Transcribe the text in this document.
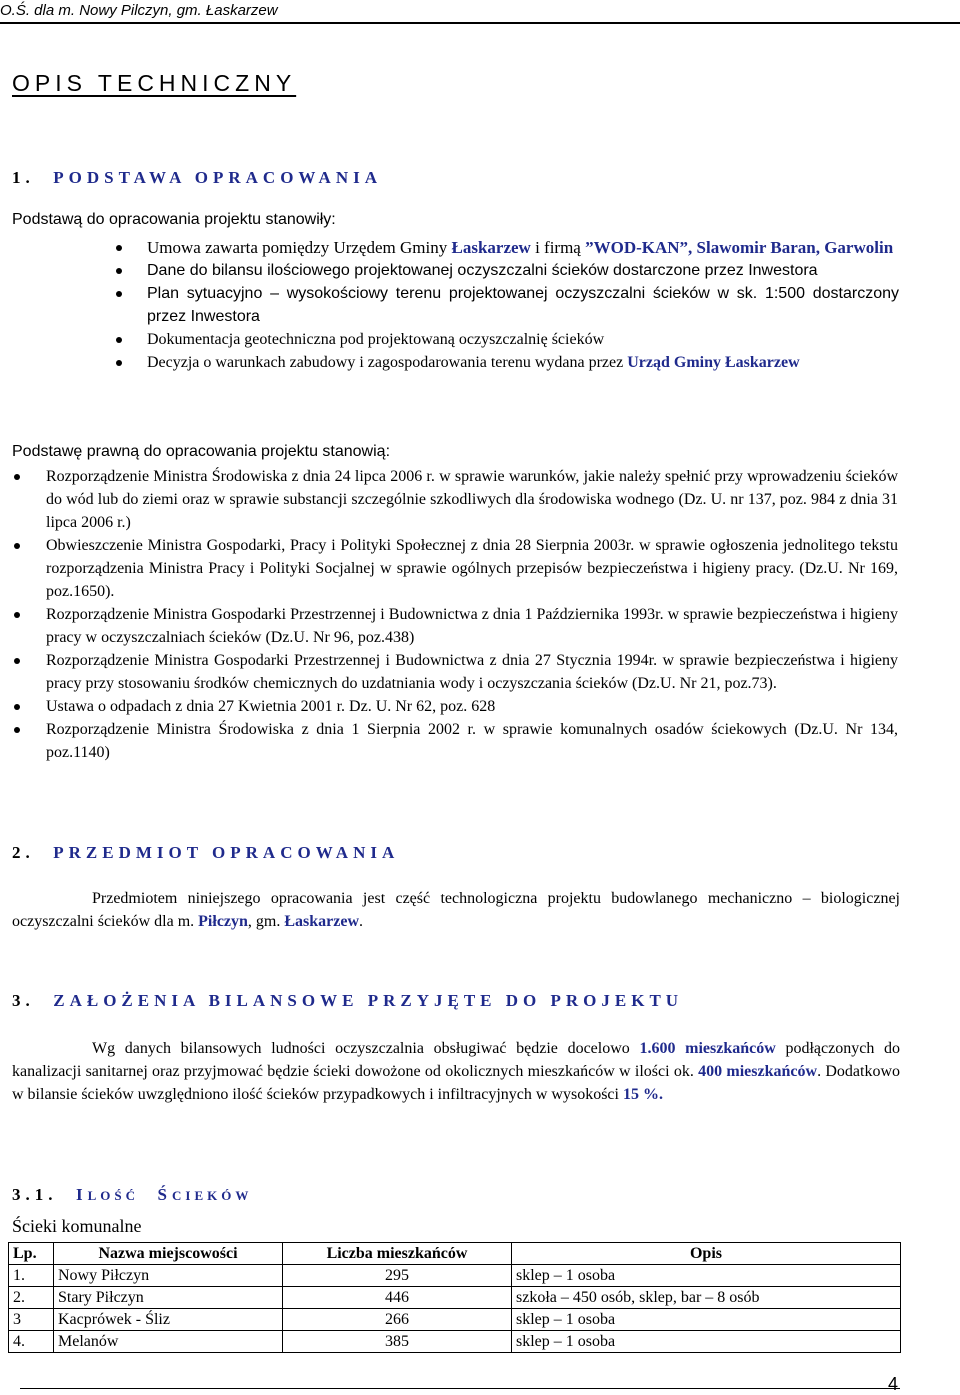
O.Ś. dla m. Nowy Pilczyn, gm. Łaskarzew
OPIS TECHNICZNY
1. PODSTAWA OPRACOWANIA
Podstawą do opracowania projektu stanowiły:
Umowa zawarta pomiędzy Urzędem Gminy Łaskarzew i firmą ”WOD-KAN”, Slawomir Baran, Garwolin
Dane do bilansu ilościowego projektowanej oczyszczalni ścieków dostarczone przez Inwestora
Plan sytuacyjno – wysokościowy terenu projektowanej oczyszczalni ścieków w sk. 1:500 dostarczony przez Inwestora
Dokumentacja geotechniczna pod projektowaną oczyszczalnię ścieków
Decyzja o warunkach zabudowy i zagospodarowania terenu wydana przez Urząd Gminy Łaskarzew
Podstawę prawną do opracowania projektu stanowią:
Rozporządzenie Ministra Środowiska z dnia 24 lipca 2006 r. w sprawie warunków, jakie należy spełnić przy wprowadzeniu ścieków do wód lub do ziemi oraz w sprawie substancji szczególnie szkodliwych dla środowiska wodnego (Dz. U. nr 137, poz. 984 z dnia 31 lipca 2006 r.)
Obwieszczenie Ministra Gospodarki, Pracy i Polityki Społecznej z dnia 28 Sierpnia 2003r. w sprawie ogłoszenia jednolitego tekstu rozporządzenia Ministra Pracy i Polityki Socjalnej w sprawie ogólnych przepisów bezpieczeństwa i higieny pracy. (Dz.U. Nr 169, poz.1650).
Rozporządzenie Ministra Gospodarki Przestrzennej i Budownictwa z dnia 1 Października 1993r. w sprawie bezpieczeństwa i higieny pracy w oczyszczalniach ścieków (Dz.U. Nr 96, poz.438)
Rozporządzenie Ministra Gospodarki Przestrzennej i Budownictwa z dnia 27 Stycznia 1994r. w sprawie bezpieczeństwa i higieny pracy przy stosowaniu środków chemicznych do uzdatniania wody i oczyszczania ścieków (Dz.U. Nr 21, poz.73).
Ustawa o odpadach z dnia 27 Kwietnia 2001 r. Dz. U. Nr 62, poz. 628
Rozporządzenie Ministra Środowiska z dnia 1 Sierpnia 2002 r. w sprawie komunalnych osadów ściekowych (Dz.U. Nr 134, poz.1140)
2. PRZEDMIOT OPRACOWANIA
Przedmiotem niniejszego opracowania jest część technologiczna projektu budowlanego mechaniczno – biologicznej oczyszczalni ścieków dla m. Piłczyn, gm. Łaskarzew.
3. ZAŁOŻENIA BILANSOWE PRZYJĘTE DO PROJEKTU
Wg danych bilansowych ludności oczyszczalnia obsługiwać będzie docelowo 1.600 mieszkańców podłączonych do kanalizacji sanitarnej oraz przyjmować będzie ścieki dowożone od okolicznych mieszkańców w ilości ok. 400 mieszkańców. Dodatkowo w bilansie ścieków uwzględniono ilość ścieków przypadkowych i infiltracyjnych w wysokości 15 %.
3.1. ILOŚĆ ŚCIEKÓW
Ścieki komunalne
Lp.	Nazwa miejscowości	Liczba mieszkańców	Opis
1.	Nowy Piłczyn	295	sklep – 1 osoba
2.	Stary Piłczyn	446	szkoła – 450 osób, sklep, bar – 8 osób
3	Kacprówek - Śliz	266	sklep – 1 osoba
4.	Melanów	385	sklep – 1 osoba
4
